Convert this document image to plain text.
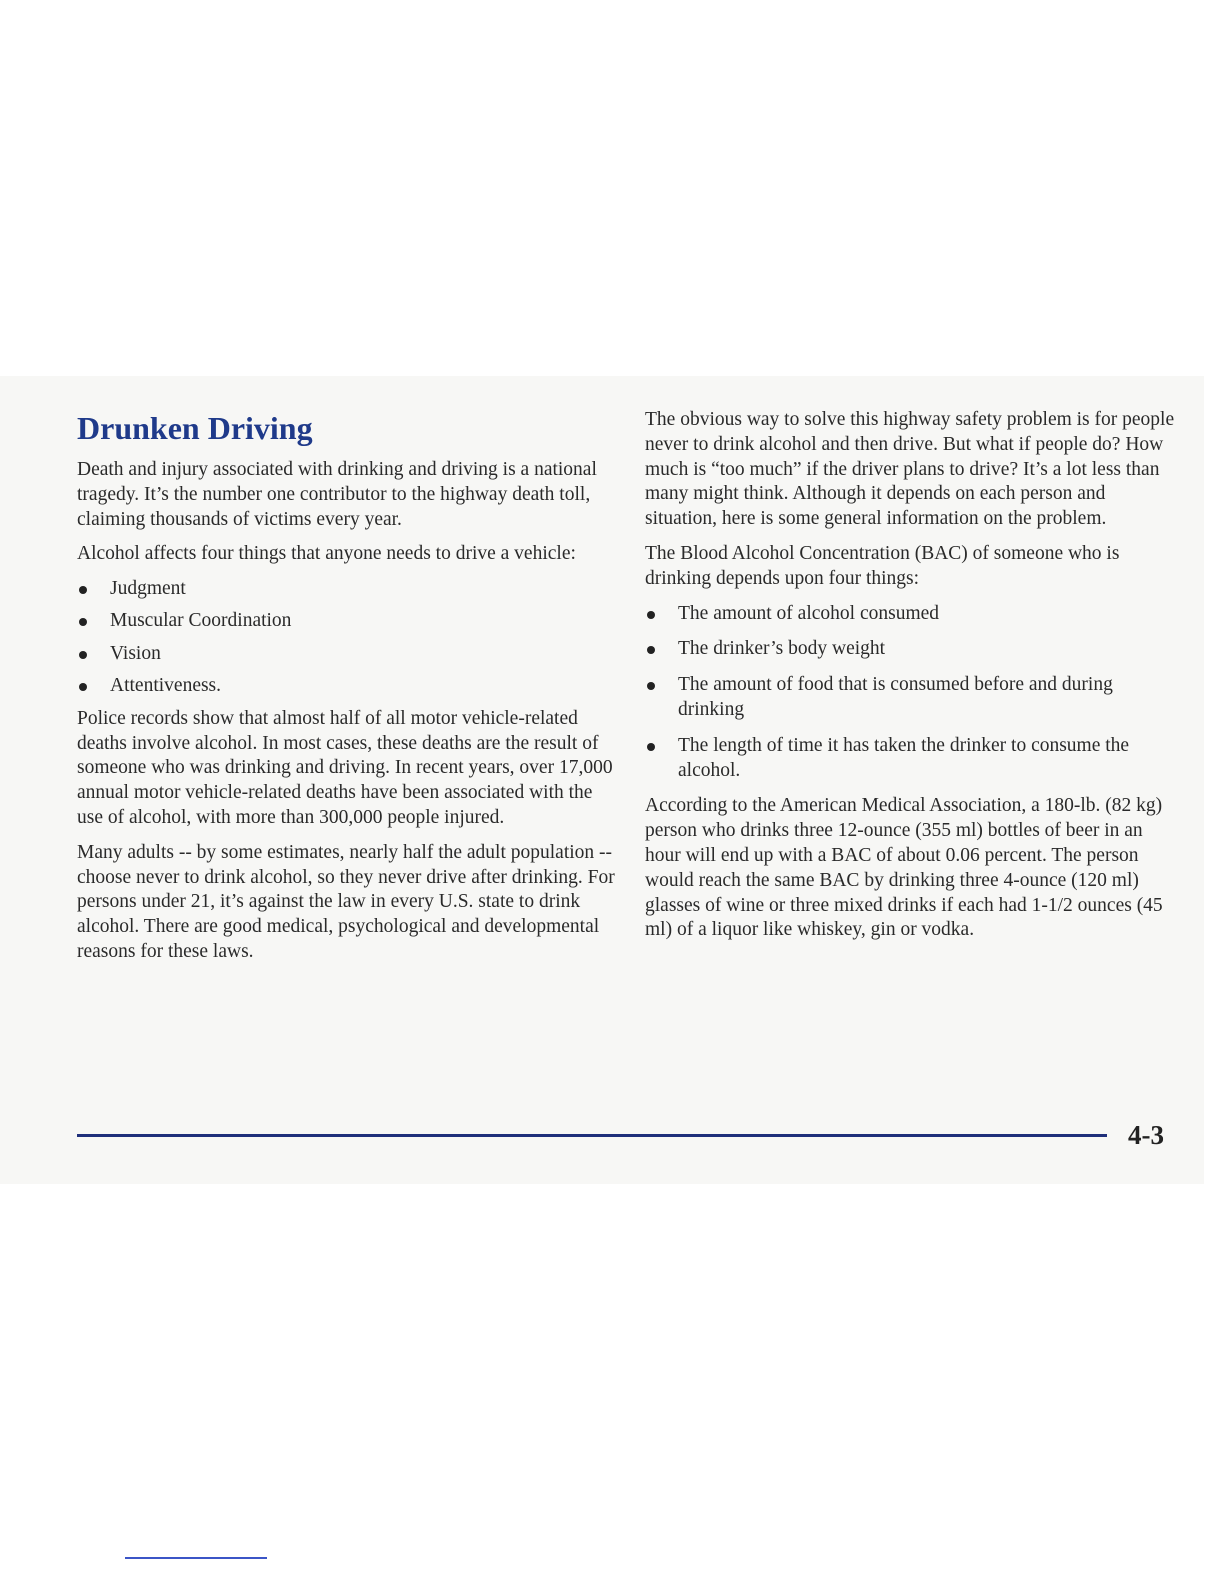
Drunken Driving

Death and injury associated with drinking and driving is a national tragedy. It’s the number one contributor to the highway death toll, claiming thousands of victims every year.

Alcohol affects four things that anyone needs to drive a vehicle:

Judgment
Muscular Coordination
Vision
Attentiveness.

Police records show that almost half of all motor vehicle-related deaths involve alcohol. In most cases, these deaths are the result of someone who was drinking and driving. In recent years, over 17,000 annual motor vehicle-related deaths have been associated with the use of alcohol, with more than 300,000 people injured.

Many adults -- by some estimates, nearly half the adult population -- choose never to drink alcohol, so they never drive after drinking. For persons under 21, it’s against the law in every U.S. state to drink alcohol. There are good medical, psychological and developmental reasons for these laws.

The obvious way to solve this highway safety problem is for people never to drink alcohol and then drive. But what if people do? How much is “too much” if the driver plans to drive? It’s a lot less than many might think. Although it depends on each person and situation, here is some general information on the problem.

The Blood Alcohol Concentration (BAC) of someone who is drinking depends upon four things:

The amount of alcohol consumed
The drinker’s body weight
The amount of food that is consumed before and during drinking
The length of time it has taken the drinker to consume the alcohol.

According to the American Medical Association, a 180-lb. (82 kg) person who drinks three 12-ounce (355 ml) bottles of beer in an hour will end up with a BAC of about 0.06 percent. The person would reach the same BAC by drinking three 4-ounce (120 ml) glasses of wine or three mixed drinks if each had 1-1/2 ounces (45 ml) of a liquor like whiskey, gin or vodka.

4-3
